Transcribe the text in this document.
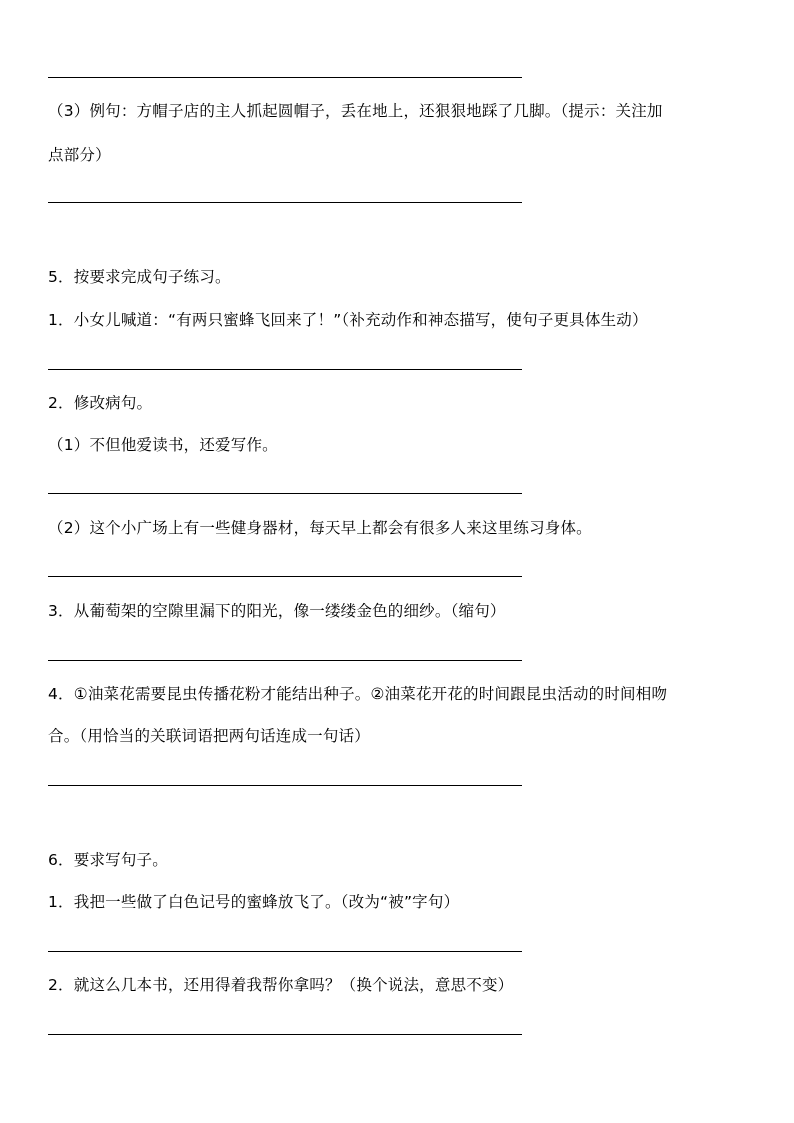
（3）例句：方帽子店的主人抓起圆帽子，丢在地上，还狠狠地踩了几脚。（提示：关注加
点部分）
5．按要求完成句子练习。
1．小女儿喊道：“有两只蜜蜂飞回来了！”（补充动作和神态描写，使句子更具体生动）
2．修改病句。
（1）不但他爱读书，还爱写作。
（2）这个小广场上有一些健身器材，每天早上都会有很多人来这里练习身体。
3．从葡萄架的空隙里漏下的阳光，像一缕缕金色的细纱。（缩句）
4．①油菜花需要昆虫传播花粉才能结出种子。②油菜花开花的时间跟昆虫活动的时间相吻
合。（用恰当的关联词语把两句话连成一句话）
6．要求写句子。
1．我把一些做了白色记号的蜜蜂放飞了。（改为“被”字句）
2．就这么几本书，还用得着我帮你拿吗？（换个说法，意思不变）
